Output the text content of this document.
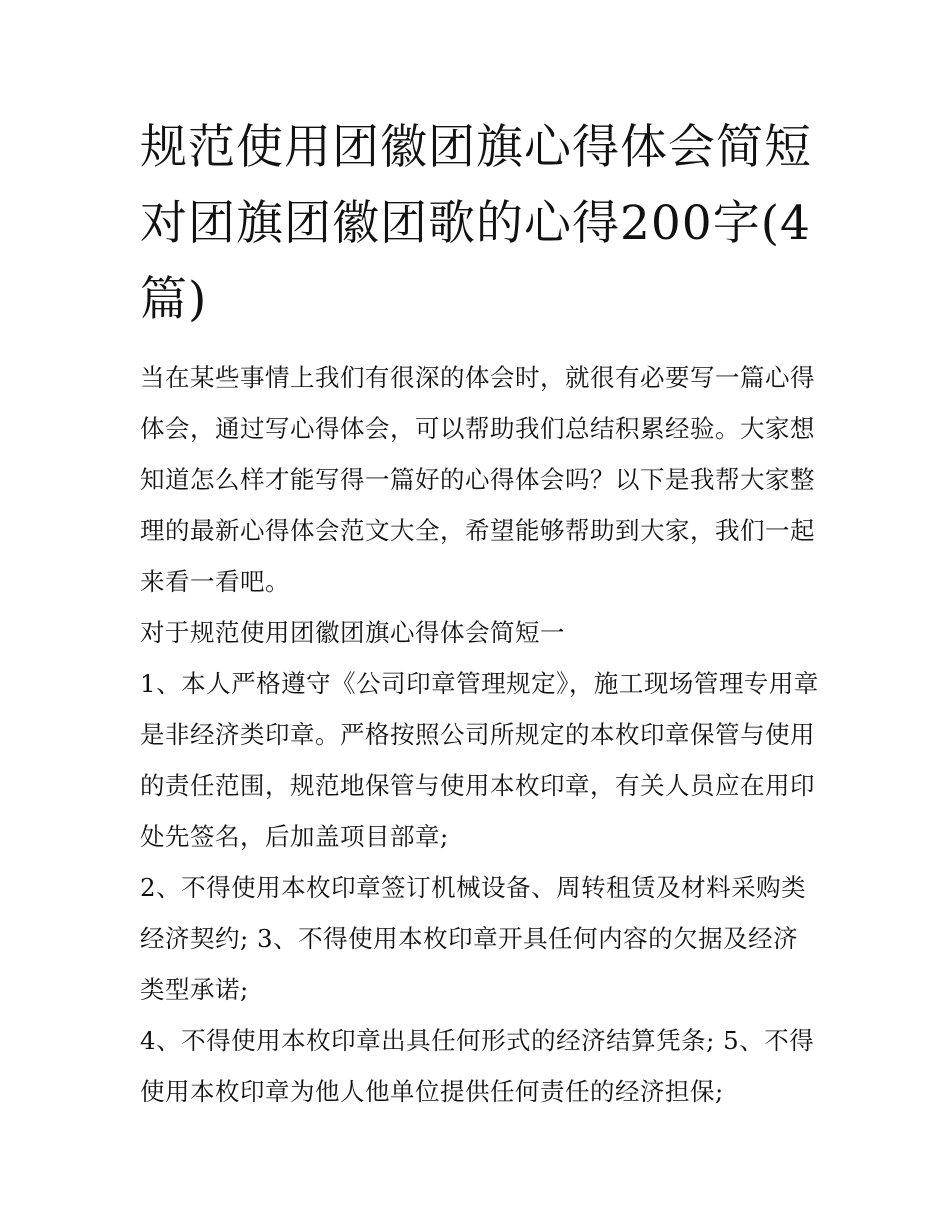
规范使用团徽团旗心得体会简短 对团旗团徽团歌的心得200字(4篇)

当在某些事情上我们有很深的体会时，就很有必要写一篇心得体会，通过写心得体会，可以帮助我们总结积累经验。大家想知道怎么样才能写得一篇好的心得体会吗？以下是我帮大家整理的最新心得体会范文大全，希望能够帮助到大家，我们一起来看一看吧。

对于规范使用团徽团旗心得体会简短一

1、本人严格遵守《公司印章管理规定》，施工现场管理专用章是非经济类印章。严格按照公司所规定的本枚印章保管与使用的责任范围，规范地保管与使用本枚印章，有关人员应在用印处先签名，后加盖项目部章;

2、不得使用本枚印章签订机械设备、周转租赁及材料采购类经济契约; 3、不得使用本枚印章开具任何内容的欠据及经济类型承诺;

4、不得使用本枚印章出具任何形式的经济结算凭条; 5、不得使用本枚印章为他人他单位提供任何责任的经济担保;
